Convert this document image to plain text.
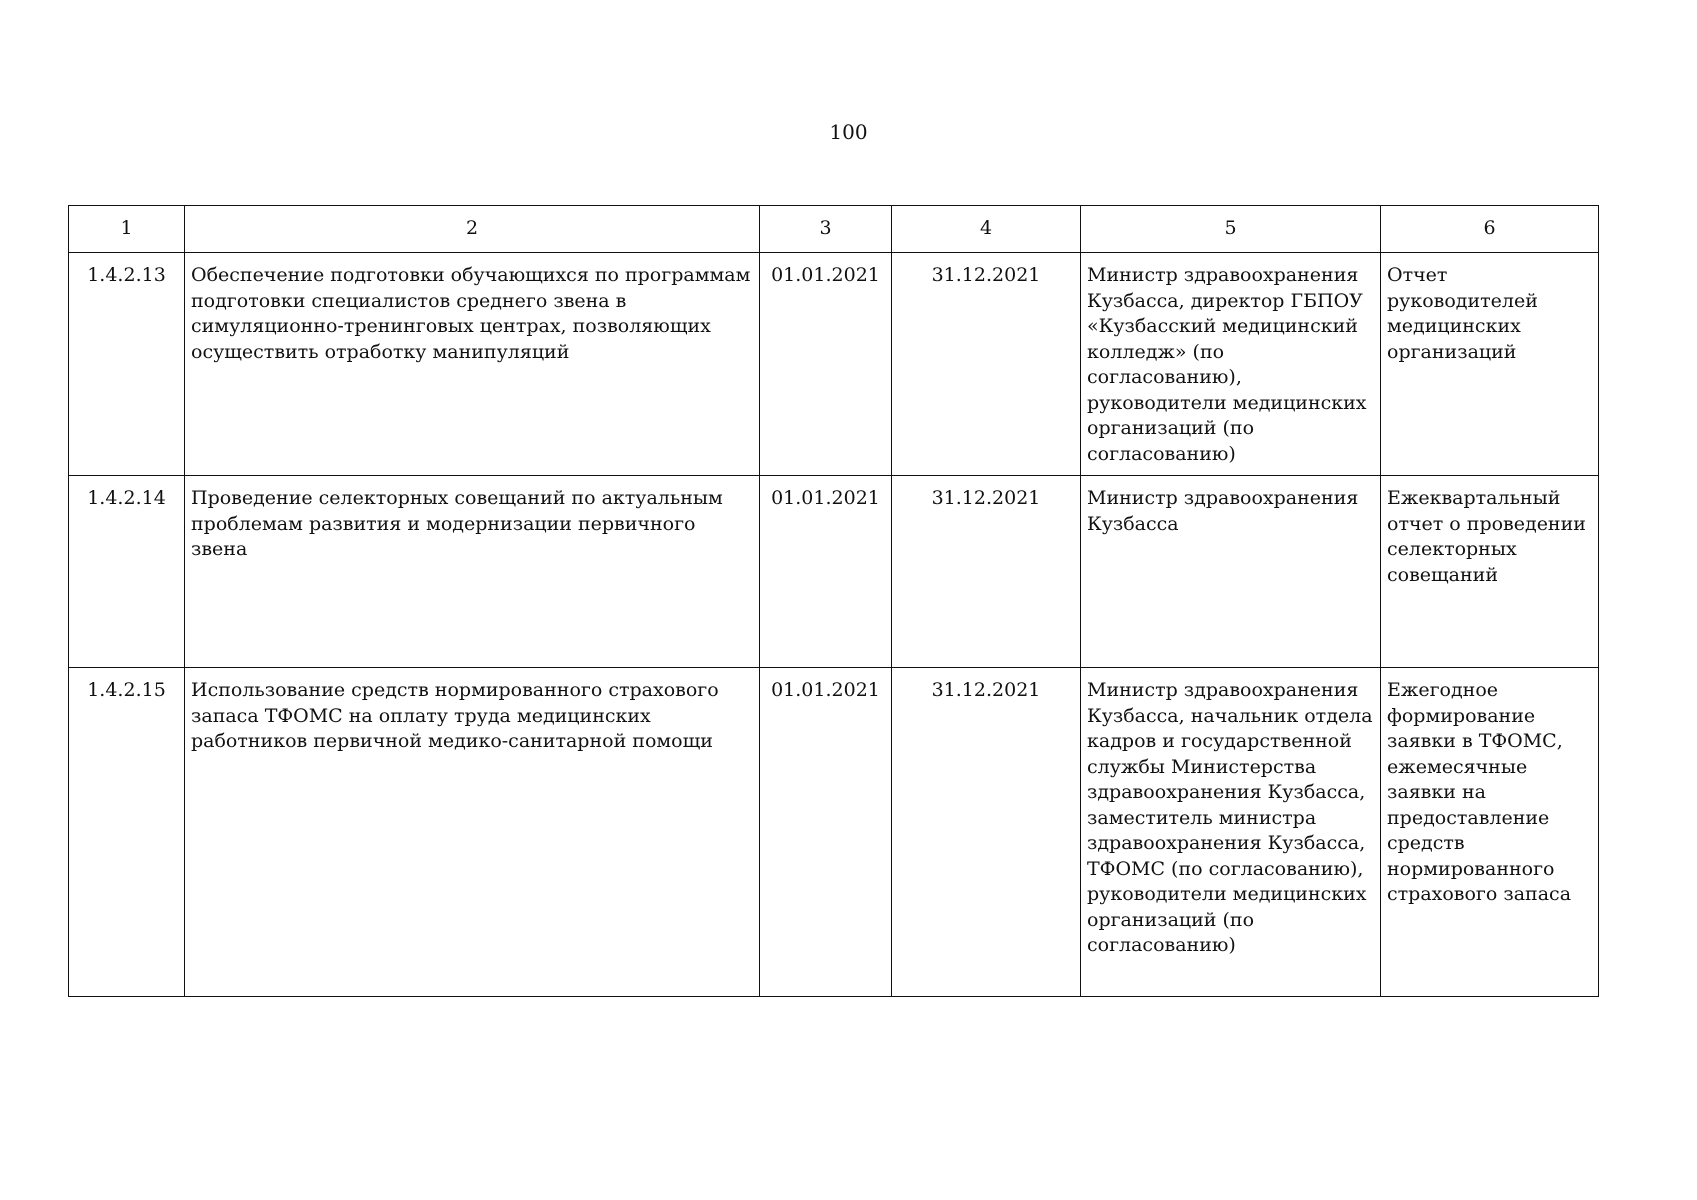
100
1	2	3	4	5	6
1.4.2.13	Обеспечение подготовки обучающихся по программам подготовки специалистов среднего звена в симуляционно-тренинговых центрах, позволяющих осуществить отработку манипуляций	01.01.2021	31.12.2021	Министр здравоохранения Кузбасса, директор ГБПОУ «Кузбасский медицинский колледж» (по согласованию), руководители медицинских организаций (по согласованию)	Отчет руководителей медицинских организаций
1.4.2.14	Проведение селекторных совещаний по актуальным проблемам развития и модернизации первичного звена	01.01.2021	31.12.2021	Министр здравоохранения Кузбасса	Ежеквартальный отчет о проведении селекторных совещаний
1.4.2.15	Использование средств нормированного страхового запаса ТФОМС на оплату труда медицинских работников первичной медико-санитарной помощи	01.01.2021	31.12.2021	Министр здравоохранения Кузбасса, начальник отдела кадров и государственной службы Министерства здравоохранения Кузбасса, заместитель министра здравоохранения Кузбасса, ТФОМС (по согласованию), руководители медицинских организаций (по согласованию)	Ежегодное формирование заявки в ТФОМС, ежемесячные заявки на предоставление средств нормированного страхового запаса
